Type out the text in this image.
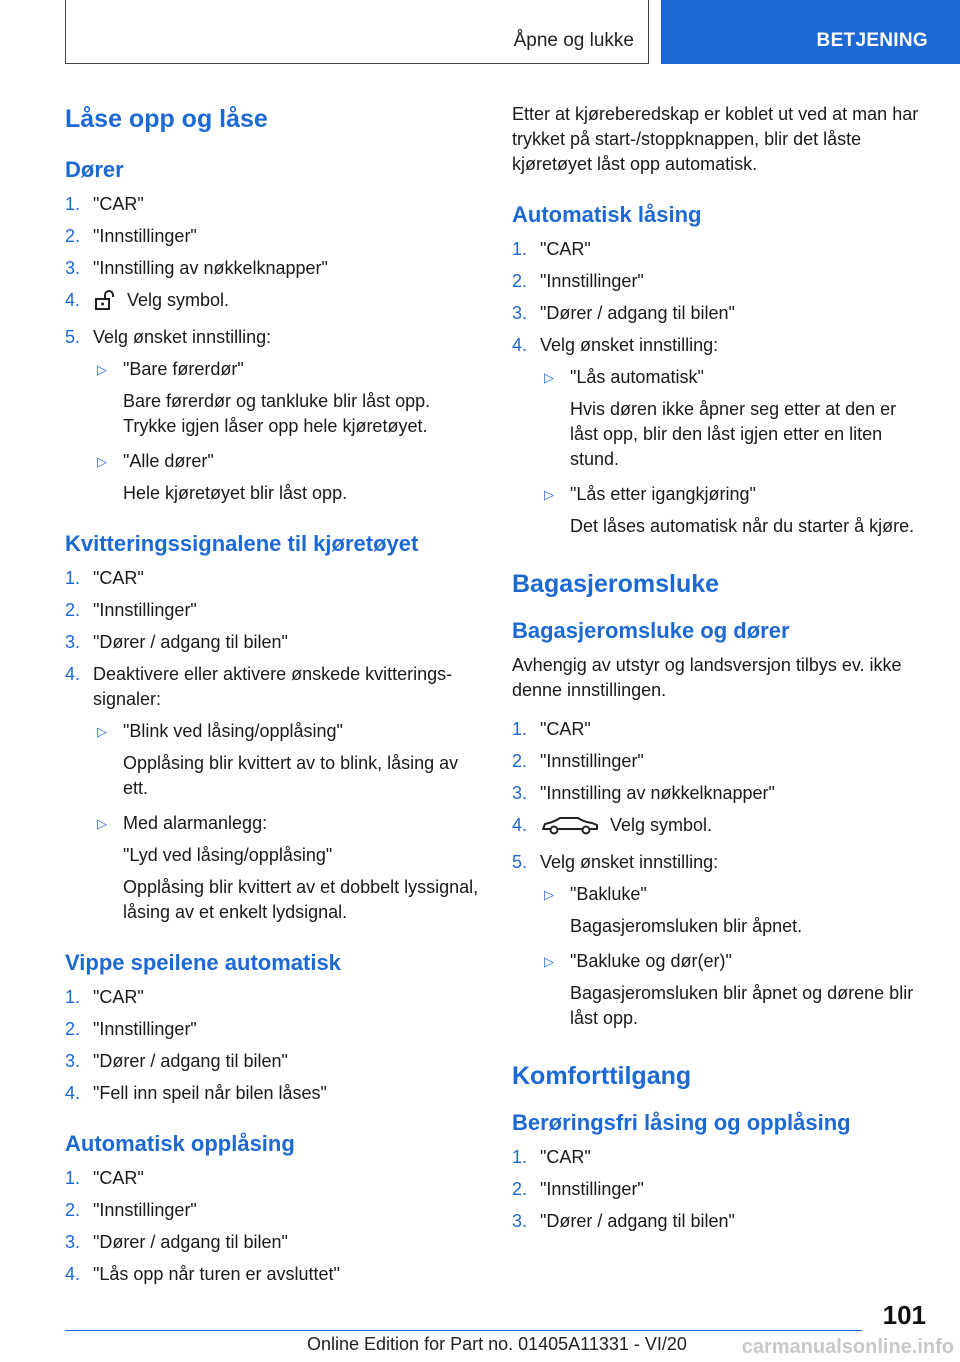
Åpne og lukke	BETJENING
Låse opp og låse
Dører
1. "CAR"
2. "Innstillinger"
3. "Innstilling av nøkkelknapper"
4.	Velg symbol.
5. Velg ønsket innstilling:
▷ "Bare førerdør"
Bare førerdør og tankluke blir låst opp. Trykke igjen låser opp hele kjøretøyet.
▷ "Alle dører"
Hele kjøretøyet blir låst opp.
Kvitteringssignalene til kjøretøyet
1. "CAR"
2. "Innstillinger"
3. "Dører / adgang til bilen"
4. Deaktivere eller aktivere ønskede kvitteringssignaler:
▷ "Blink ved låsing/opplåsing"
Opplåsing blir kvittert av to blink, låsing av ett.
▷ Med alarmanlegg:
"Lyd ved låsing/opplåsing"
Opplåsing blir kvittert av et dobbelt lyssignal, låsing av et enkelt lydsignal.
Vippe speilene automatisk
1. "CAR"
2. "Innstillinger"
3. "Dører / adgang til bilen"
4. "Fell inn speil når bilen låses"
Automatisk opplåsing
1. "CAR"
2. "Innstillinger"
3. "Dører / adgang til bilen"
4. "Lås opp når turen er avsluttet"

Etter at kjøreberedskap er koblet ut ved at man har trykket på start-/stoppknappen, blir det låste kjøretøyet låst opp automatisk.

Automatisk låsing
1. "CAR"
2. "Innstillinger"
3. "Dører / adgang til bilen"
4. Velg ønsket innstilling:
▷ "Lås automatisk"
Hvis døren ikke åpner seg etter at den er låst opp, blir den låst igjen etter en liten stund.
▷ "Lås etter igangkjøring"
Det låses automatisk når du starter å kjøre.
Bagasjeromsluke
Bagasjeromsluke og dører

Avhengig av utstyr og landsversjon tilbys ev. ikke denne innstillingen.

1. "CAR"
2. "Innstillinger"
3. "Innstilling av nøkkelknapper"
4.	Velg symbol.
5. Velg ønsket innstilling:
▷ "Bakluke"
Bagasjeromsluken blir åpnet.
▷ "Bakluke og dør(er)"
Bagasjeromsluken blir åpnet og dørene blir låst opp.
Komforttilgang
Berøringsfri låsing og opplåsing
1. "CAR"
2. "Innstillinger"
3. "Dører / adgang til bilen"
101
Online Edition for Part no. 01405A11331 - VI/20	carmanualsonline.info
